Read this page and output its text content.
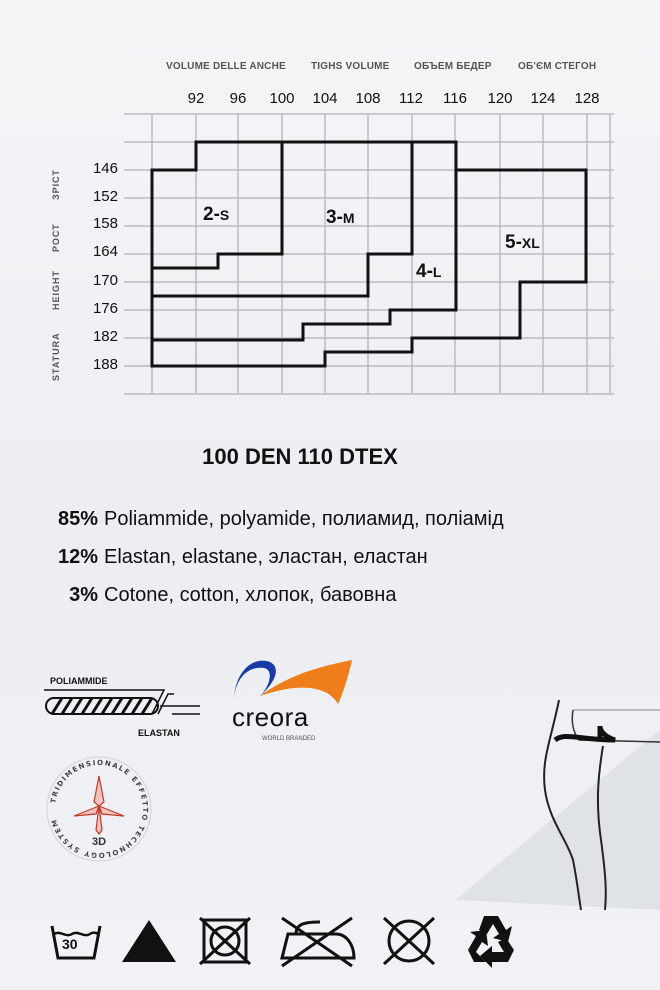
VOLUME DELLE ANCHE	TIGHS VOLUME ОБЪЕМ БЕДЕР	ОБ'ЄМ СТЕГОН
92	96	100	104	108	112	116	120	124	128
146
152
158
164
170
176
182
188
STATURA
HEIGHT
РОСТ
ЗРІСТ
2-S	3-M
4-L
5-XL
100 DEN 110 DTEX
85% Poliammide, polyamide, полиамид, поліамід
12% Elastan, elastane, эластан, еластан
3% Cotone, cotton, хлопок, бавовна
POLIAMMIDE
ELASTAN
creora
WORLD BRANDED
TRIDIMENSIONALE EFFETTO TECHNOLOGY SYSTEM
3D
30
